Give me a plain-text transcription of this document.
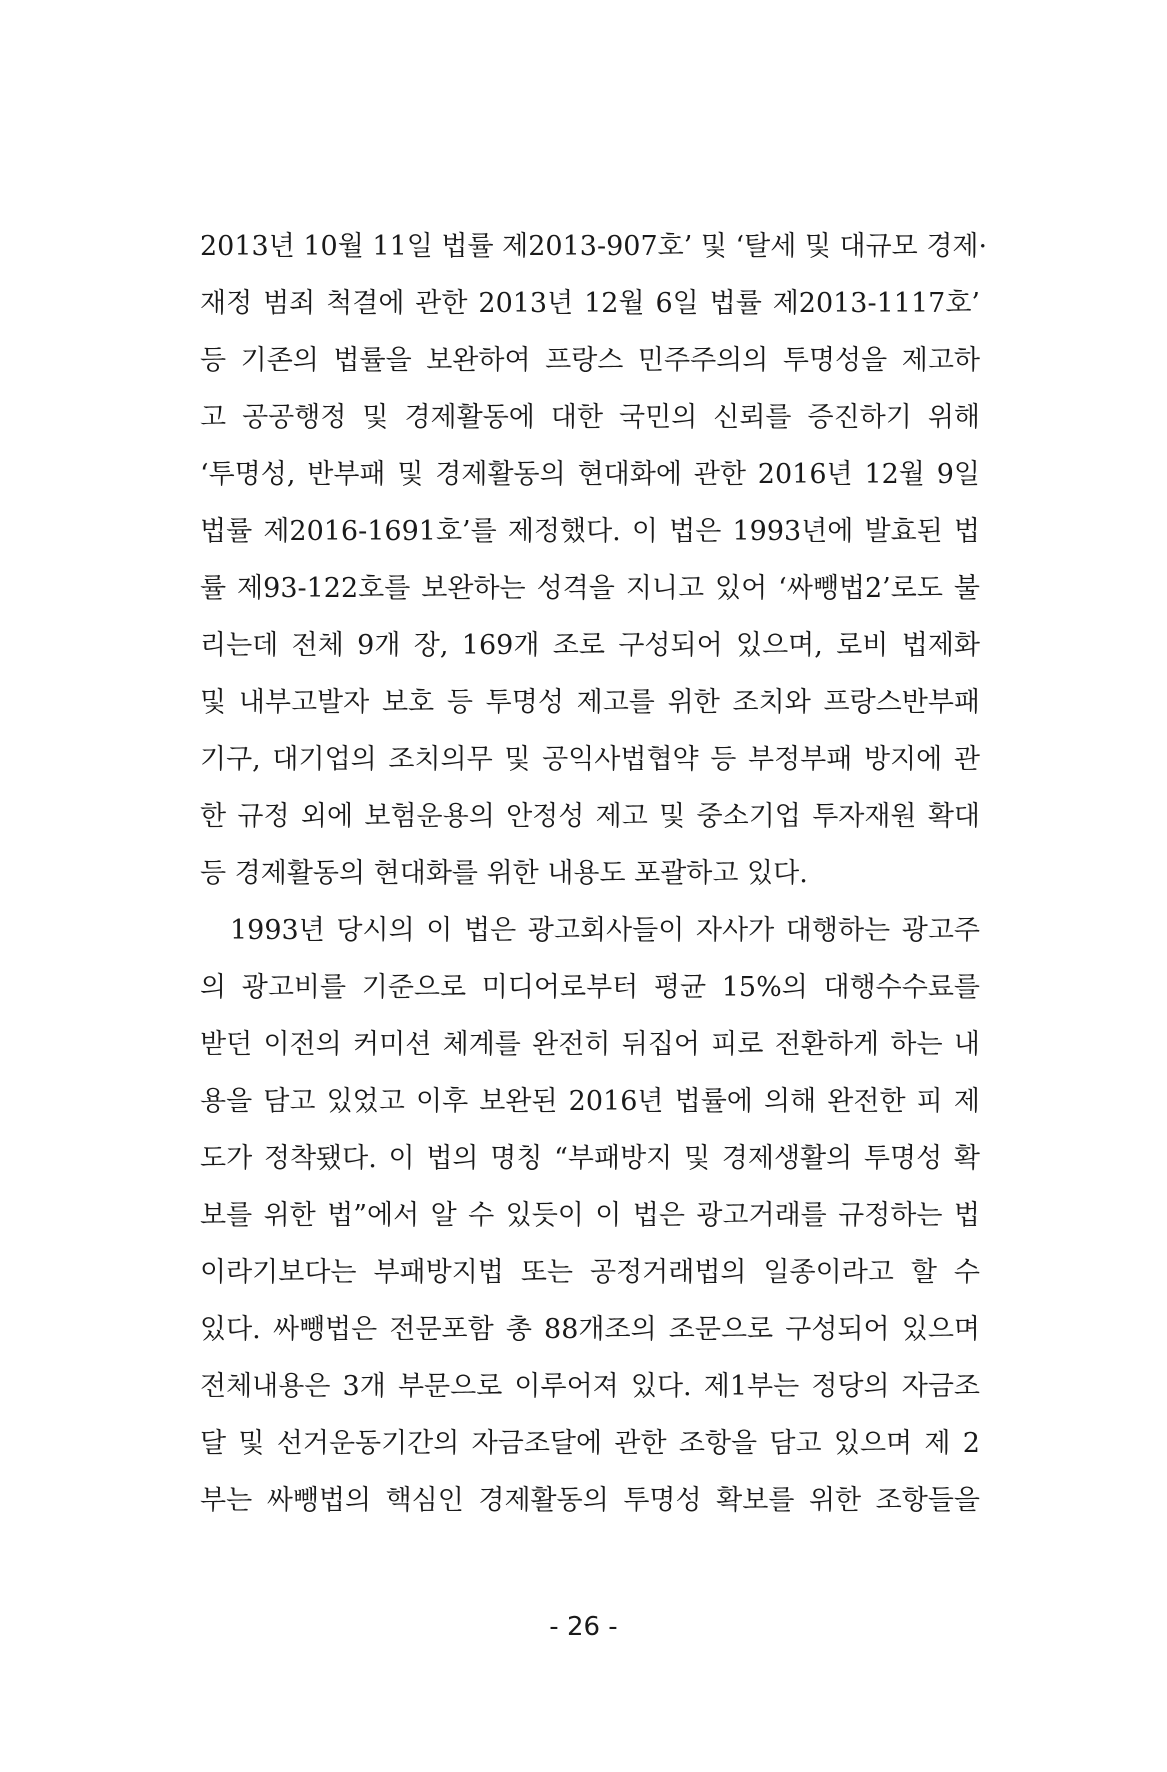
2013년 10월 11일 법률 제2013-907호’ 및 ‘탈세 및 대규모 경제·
재정 범죄 척결에 관한 2013년 12월 6일 법률 제2013-1117호’
등 기존의 법률을 보완하여 프랑스 민주주의의 투명성을 제고하
고 공공행정 및 경제활동에 대한 국민의 신뢰를 증진하기 위해
‘투명성, 반부패 및 경제활동의 현대화에 관한 2016년 12월 9일
법률 제2016-1691호’를 제정했다. 이 법은 1993년에 발효된 법
률 제93-122호를 보완하는 성격을 지니고 있어 ‘싸뺑법2’로도 불
리는데 전체 9개 장, 169개 조로 구성되어 있으며, 로비 법제화
및 내부고발자 보호 등 투명성 제고를 위한 조치와 프랑스반부패
기구, 대기업의 조치의무 및 공익사법협약 등 부정부패 방지에 관
한 규정 외에 보험운용의 안정성 제고 및 중소기업 투자재원 확대
등 경제활동의 현대화를 위한 내용도 포괄하고 있다.
1993년 당시의 이 법은 광고회사들이 자사가 대행하는 광고주
의 광고비를 기준으로 미디어로부터 평균 15%의 대행수수료를
받던 이전의 커미션 체계를 완전히 뒤집어 피로 전환하게 하는 내
용을 담고 있었고 이후 보완된 2016년 법률에 의해 완전한 피 제
도가 정착됐다. 이 법의 명칭 “부패방지 및 경제생활의 투명성 확
보를 위한 법”에서 알 수 있듯이 이 법은 광고거래를 규정하는 법
이라기보다는 부패방지법 또는 공정거래법의 일종이라고 할 수
있다. 싸뺑법은 전문포함 총 88개조의 조문으로 구성되어 있으며
전체내용은 3개 부문으로 이루어져 있다. 제1부는 정당의 자금조
달 및 선거운동기간의 자금조달에 관한 조항을 담고 있으며 제 2
부는 싸뺑법의 핵심인 경제활동의 투명성 확보를 위한 조항들을
- 26 -
